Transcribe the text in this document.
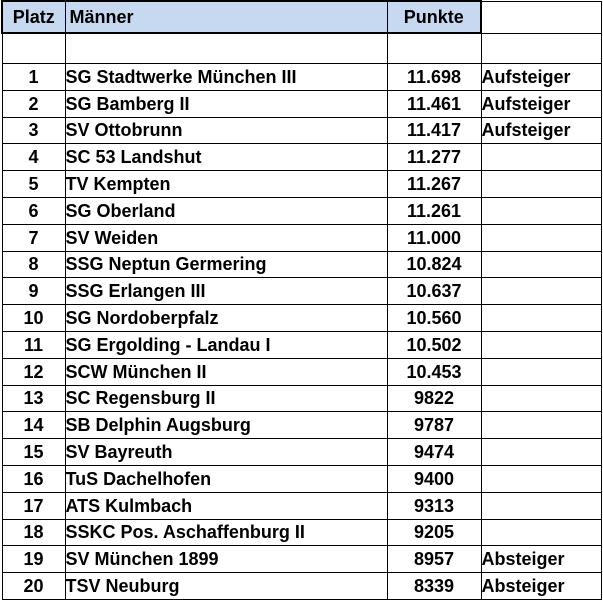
Platz	Männer	Punkte	

1	SG Stadtwerke München III	11.698	Aufsteiger
2	SG Bamberg II	11.461	Aufsteiger
3	SV Ottobrunn	11.417	Aufsteiger
4	SC 53 Landshut	11.277	
5	TV Kempten	11.267	
6	SG Oberland	11.261	
7	SV Weiden	11.000	
8	SSG Neptun Germering	10.824	
9	SSG Erlangen III	10.637	
10	SG Nordoberpfalz	10.560	
11	SG Ergolding - Landau I	10.502	
12	SCW München II	10.453	
13	SC Regensburg II	9822	
14	SB Delphin Augsburg	9787	
15	SV Bayreuth	9474	
16	TuS Dachelhofen	9400	
17	ATS Kulmbach	9313	
18	SSKC Pos. Aschaffenburg II	9205	
19	SV München 1899	8957	Absteiger
20	TSV Neuburg	8339	Absteiger
